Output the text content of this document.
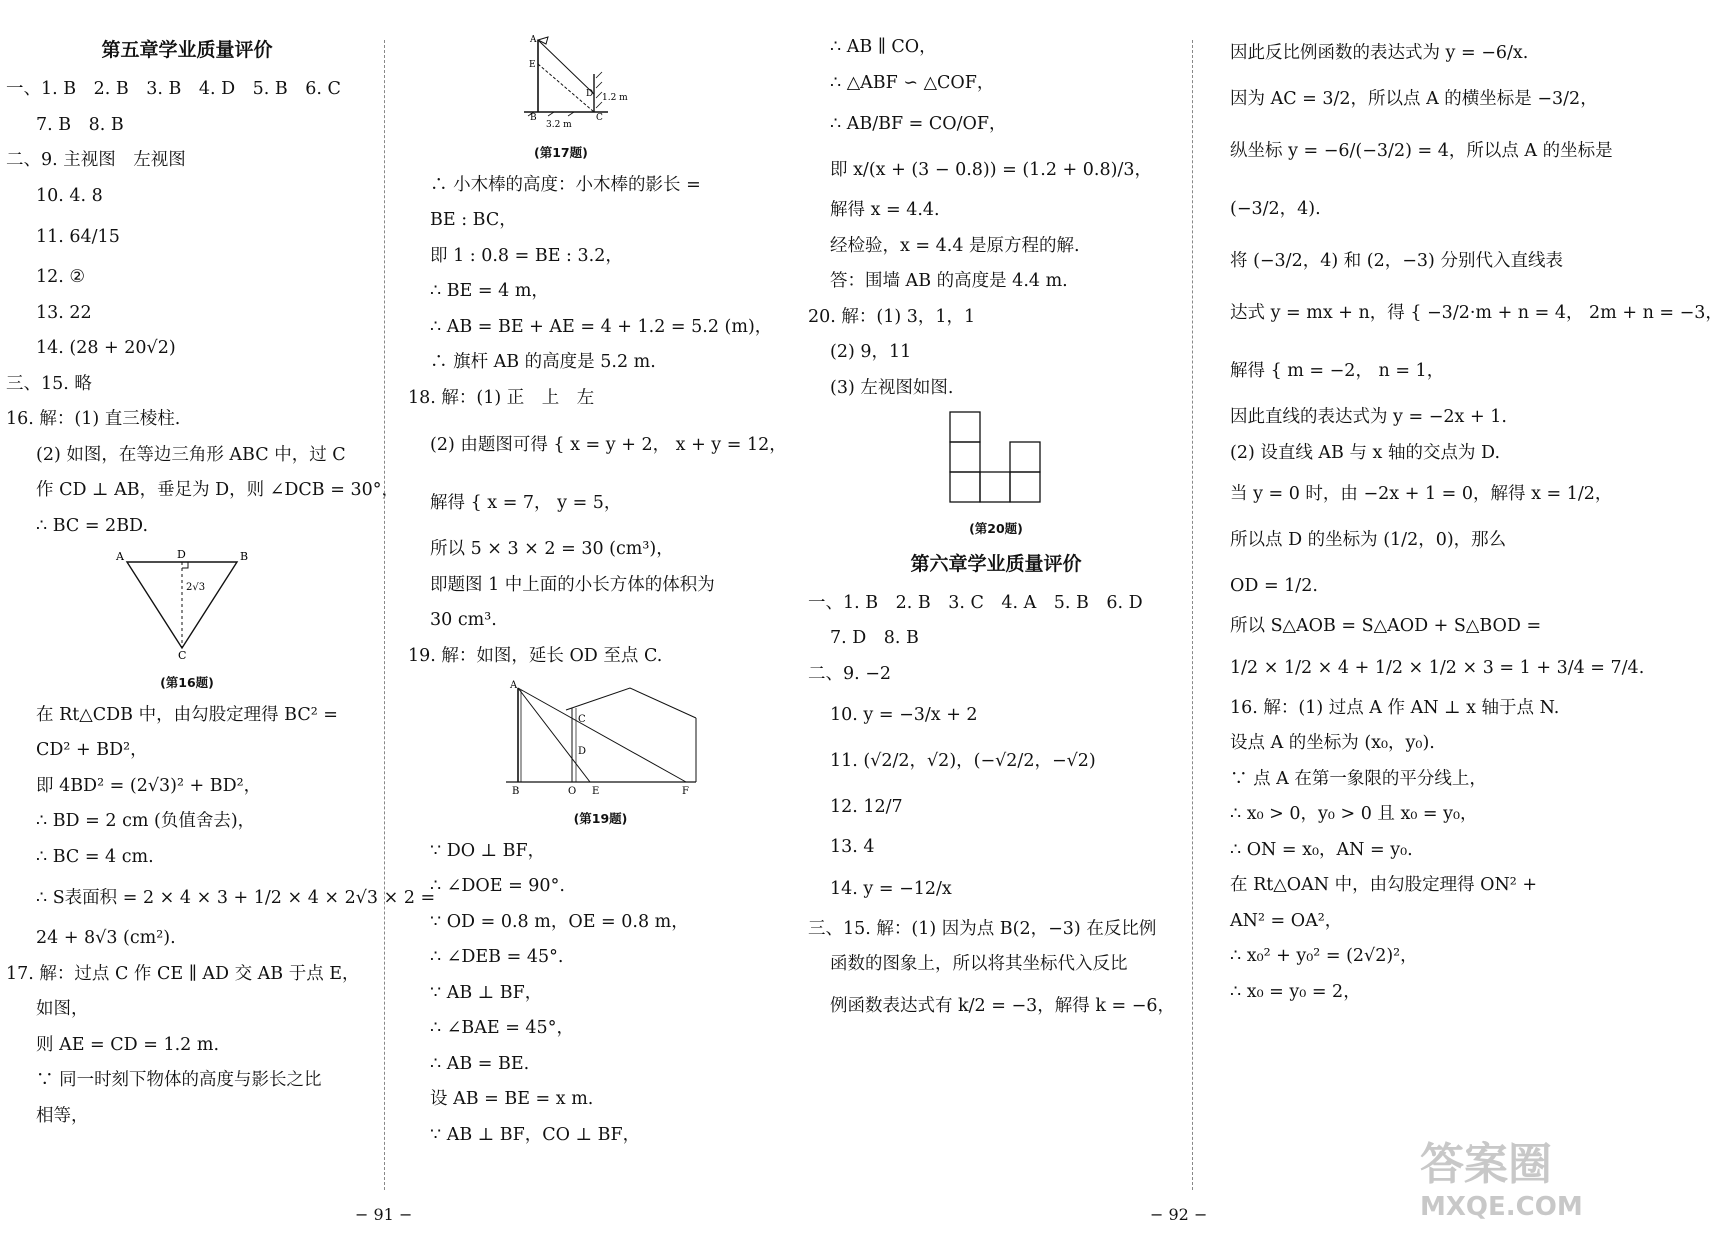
第五章学业质量评价
一、1. B　2. B　3. B　4. D　5. B　6. C
7. B　8. B
二、9. 主视图　左视图
10. 4. 8
11. 64/15
12. ②
13. 22
14. (28 + 20√2)
三、15. 略
16. 解：(1) 直三棱柱.
(2) 如图，在等边三角形 ABC 中，过 C
作 CD ⊥ AB，垂足为 D，则 ∠DCB = 30°，
∴ BC = 2BD.
A	D	B
2√3
C
(第16题)
在 Rt△CDB 中，由勾股定理得 BC² =
CD² + BD²，
即 4BD² = (2√3)² + BD²，
∴ BD = 2 cm (负值舍去)，
∴ BC = 4 cm.
∴ S表面积 = 2 × 4 × 3 + 1/2 × 4 × 2√3 × 2 =
24 + 8√3 (cm²).
17. 解：过点 C 作 CE ∥ AD 交 AB 于点 E，
如图，
则 AE = CD = 1.2 m.
∵ 同一时刻下物体的高度与影长之比
相等，
A
E
B
D
C
1.2 m
3.2 m
(第17题)
∴ 小木棒的高度：小木棒的影长 =
BE : BC，
即 1 : 0.8 = BE : 3.2，
∴ BE = 4 m，
∴ AB = BE + AE = 4 + 1.2 = 5.2 (m)，
∴ 旗杆 AB 的高度是 5.2 m.
18. 解：(1) 正　上　左
(2) 由题图可得 { x = y + 2， x + y = 12，
解得 { x = 7， y = 5，
所以 5 × 3 × 2 = 30 (cm³)，
即题图 1 中上面的小长方体的体积为
30 cm³.
19. 解：如图，延长 OD 至点 C.
A
B
C
D
O E	F
(第19题)
∵ DO ⊥ BF，
∴ ∠DOE = 90°.
∵ OD = 0.8 m，OE = 0.8 m，
∴ ∠DEB = 45°.
∵ AB ⊥ BF，
∴ ∠BAE = 45°，
∴ AB = BE.
设 AB = BE = x m.
∵ AB ⊥ BF，CO ⊥ BF，
∴ AB ∥ CO，
∴ △ABF ∽ △COF，
∴ AB/BF = CO/OF，
即 x/(x + (3 − 0.8)) = (1.2 + 0.8)/3，
解得 x = 4.4.
经检验，x = 4.4 是原方程的解.
答：围墙 AB 的高度是 4.4 m.
20. 解：(1) 3，1，1
(2) 9，11
(3) 左视图如图.
(第20题)
第六章学业质量评价
一、1. B　2. B　3. C　4. A　5. B　6. D
7. D　8. B
二、9. −2
10. y = −3/x + 2
11. (√2/2，√2)，(−√2/2，−√2)
12. 12/7
13. 4
14. y = −12/x
三、15. 解：(1) 因为点 B(2，−3) 在反比例
函数的图象上，所以将其坐标代入反比
例函数表达式有 k/2 = −3，解得 k = −6，
因此反比例函数的表达式为 y = −6/x.
因为 AC = 3/2，所以点 A 的横坐标是 −3/2，
纵坐标 y = −6/(−3/2) = 4，所以点 A 的坐标是
(−3/2，4).
将 (−3/2，4) 和 (2，−3) 分别代入直线表
达式 y = mx + n，得 { −3/2·m + n = 4， 2m + n = −3，
解得 { m = −2， n = 1，
因此直线的表达式为 y = −2x + 1.
(2) 设直线 AB 与 x 轴的交点为 D.
当 y = 0 时，由 −2x + 1 = 0，解得 x = 1/2，
所以点 D 的坐标为 (1/2，0)，那么
OD = 1/2.
所以 S△AOB = S△AOD + S△BOD =
1/2 × 1/2 × 4 + 1/2 × 1/2 × 3 = 1 + 3/4 = 7/4.
16. 解：(1) 过点 A 作 AN ⊥ x 轴于点 N.
设点 A 的坐标为 (x₀，y₀).
∵ 点 A 在第一象限的平分线上，
∴ x₀ > 0，y₀ > 0 且 x₀ = y₀，
∴ ON = x₀，AN = y₀.
在 Rt△OAN 中，由勾股定理得 ON² +
AN² = OA²，
∴ x₀² + y₀² = (2√2)²，
∴ x₀ = y₀ = 2，
− 91 −	− 92 −
答案圈
MXQE.COM
